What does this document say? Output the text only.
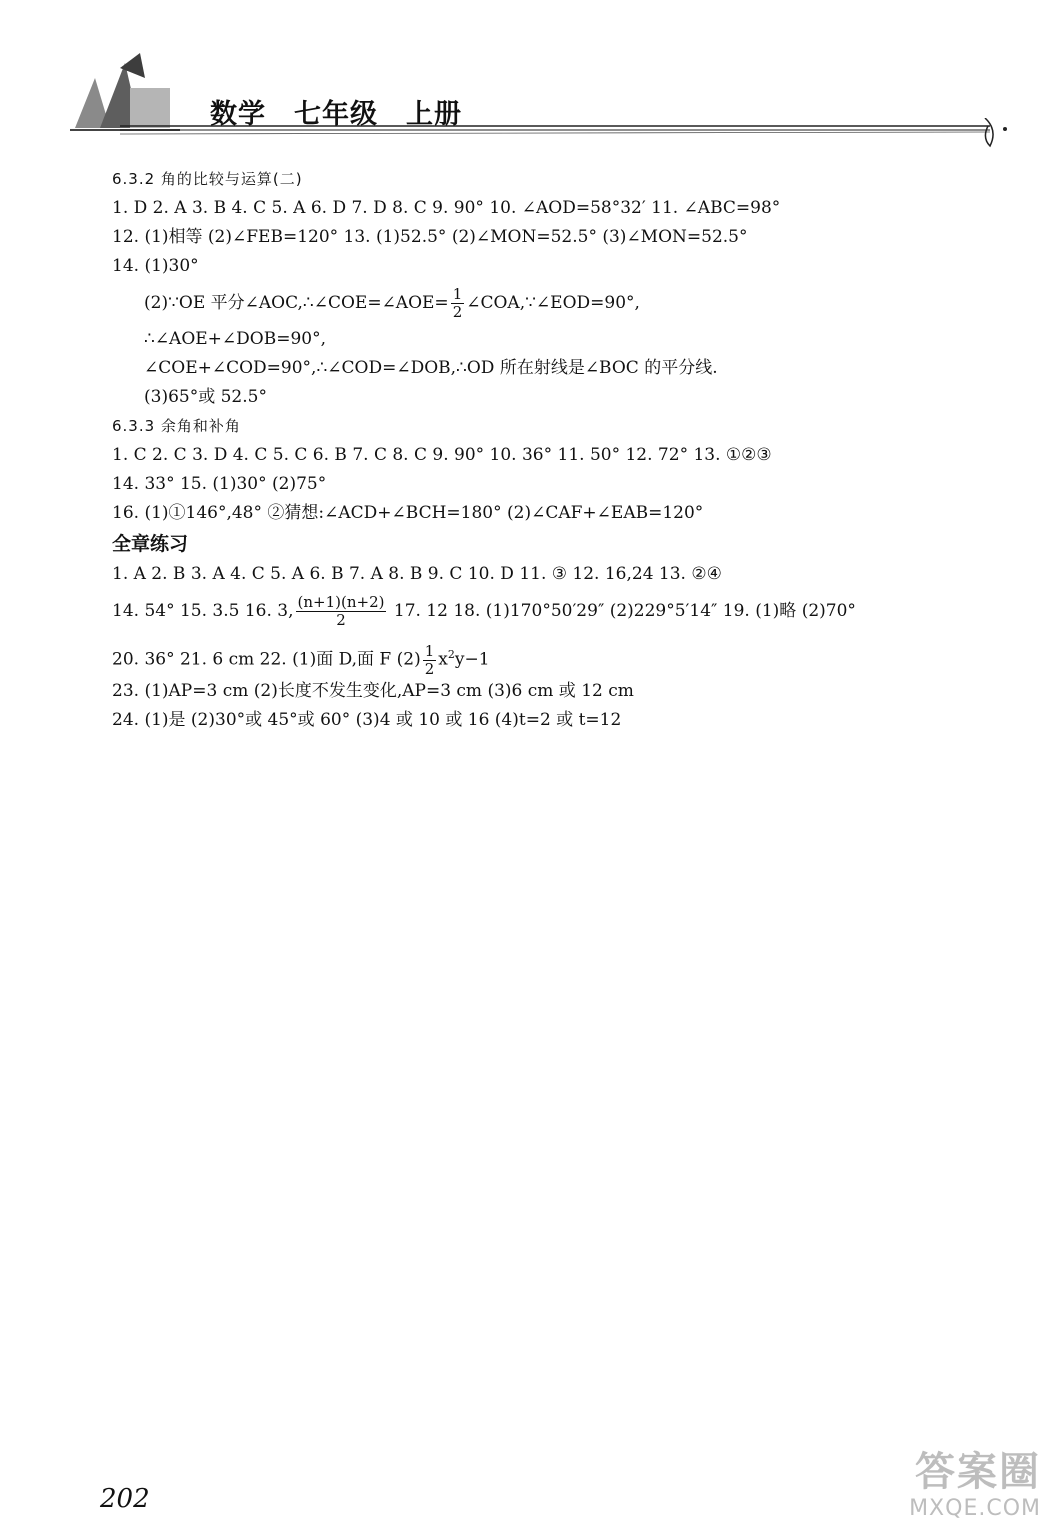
数学　七年级　上册
6.3.2 角的比较与运算(二)
1. D 2. A 3. B 4. C 5. A 6. D 7. D 8. C 9. 90° 10. ∠AOD=58°32′ 11. ∠ABC=98°
12. (1)相等 (2)∠FEB=120° 13. (1)52.5° (2)∠MON=52.5° (3)∠MON=52.5°
14. (1)30°
(2)∵OE 平分∠AOC,∴∠COE=∠AOE= $\frac{1}{2}$ ∠COA,∵∠EOD=90°,
∴∠AOE+∠DOB=90°,
∠COE+∠COD=90°,∴∠COD=∠DOB,∴OD 所在射线是∠BOC 的平分线.
(3)65°或 52.5°
6.3.3 余角和补角
1. C 2. C 3. D 4. C 5. C 6. B 7. C 8. C 9. 90° 10. 36° 11. 50° 12. 72° 13. ①②③
14. 33° 15. (1)30° (2)75°
16. (1)①146°,48° ②猜想:∠ACD+∠BCH=180° (2)∠CAF+∠EAB=120°
全章练习
1. A 2. B 3. A 4. C 5. A 6. B 7. A 8. B 9. C 10. D 11. ③ 12. 16,24 13. ②④
14. 54° 15. 3.5 16. 3, $\frac{(n+1)(n+2)}{2} 17$. 12 18. (1)170°50′29″ (2)229°5′14″ 19. (1)略 (2)70°
20. 36° 21. 6 cm 22. (1)面 D,面 F $(2) \frac{1}{2} x^2y-1$
23. (1)AP=3 cm (2)长度不发生变化,AP=3 cm (3)6 cm 或 12 cm
24. (1)是 (2)30°或 45°或 60° (3)4 或 10 或 16 (4)t=2 或 t=12
202
答案圈
MXQE.COM
